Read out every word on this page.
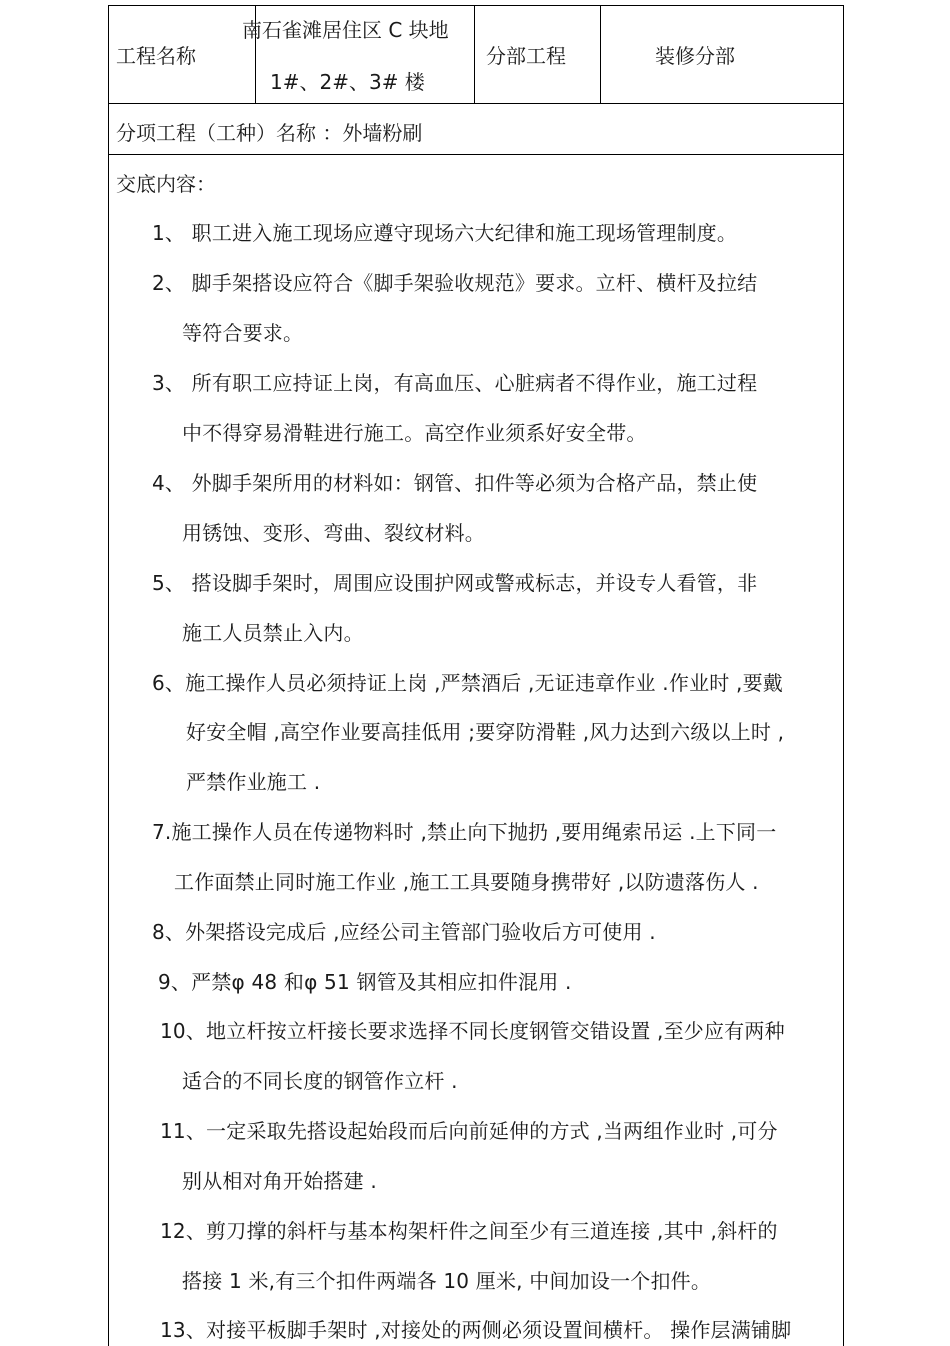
工程名称
南石雀滩居住区 C 块地
1#、2#、3# 楼
分部工程	装修分部
分项工程（工种）名称 ：外墙粉刷
交底内容：
1、 职工进入施工现场应遵守现场六大纪律和施工现场管理制度。
2、 脚手架搭设应符合《脚手架验收规范》要求。立杆、横杆及拉结
等符合要求。
3、 所有职工应持证上岗，有高血压、心脏病者不得作业，施工过程
中不得穿易滑鞋进行施工。高空作业须系好安全带。
4、 外脚手架所用的材料如：钢管、扣件等必须为合格产品，禁止使
用锈蚀、变形、弯曲、裂纹材料。
5、 搭设脚手架时，周围应设围护网或警戒标志，并设专人看管，非
施工人员禁止入内。
6、施工操作人员必须持证上岗 ,严禁酒后 ,无证违章作业 .作业时 ,要戴
好安全帽 ,高空作业要高挂低用 ;要穿防滑鞋 ,风力达到六级以上时 ,
严禁作业施工 .
7.施工操作人员在传递物料时 ,禁止向下抛扔 ,要用绳索吊运 .上下同一
工作面禁止同时施工作业 ,施工工具要随身携带好 ,以防遗落伤人 .
8、外架搭设完成后 ,应经公司主管部门验收后方可使用 .
9、严禁φ 48 和φ 51 钢管及其相应扣件混用 .
10、地立杆按立杆接长要求选择不同长度钢管交错设置 ,至少应有两种
适合的不同长度的钢管作立杆 .
11、一定采取先搭设起始段而后向前延伸的方式 ,当两组作业时 ,可分
别从相对角开始搭建 .
12、剪刀撑的斜杆与基本构架杆件之间至少有三道连接 ,其中 ,斜杆的
搭接 1 米,有三个扣件两端各 10 厘米, 中间加设一个扣件。
13、对接平板脚手架时 ,对接处的两侧必须设置间横杆。 操作层满铺脚
